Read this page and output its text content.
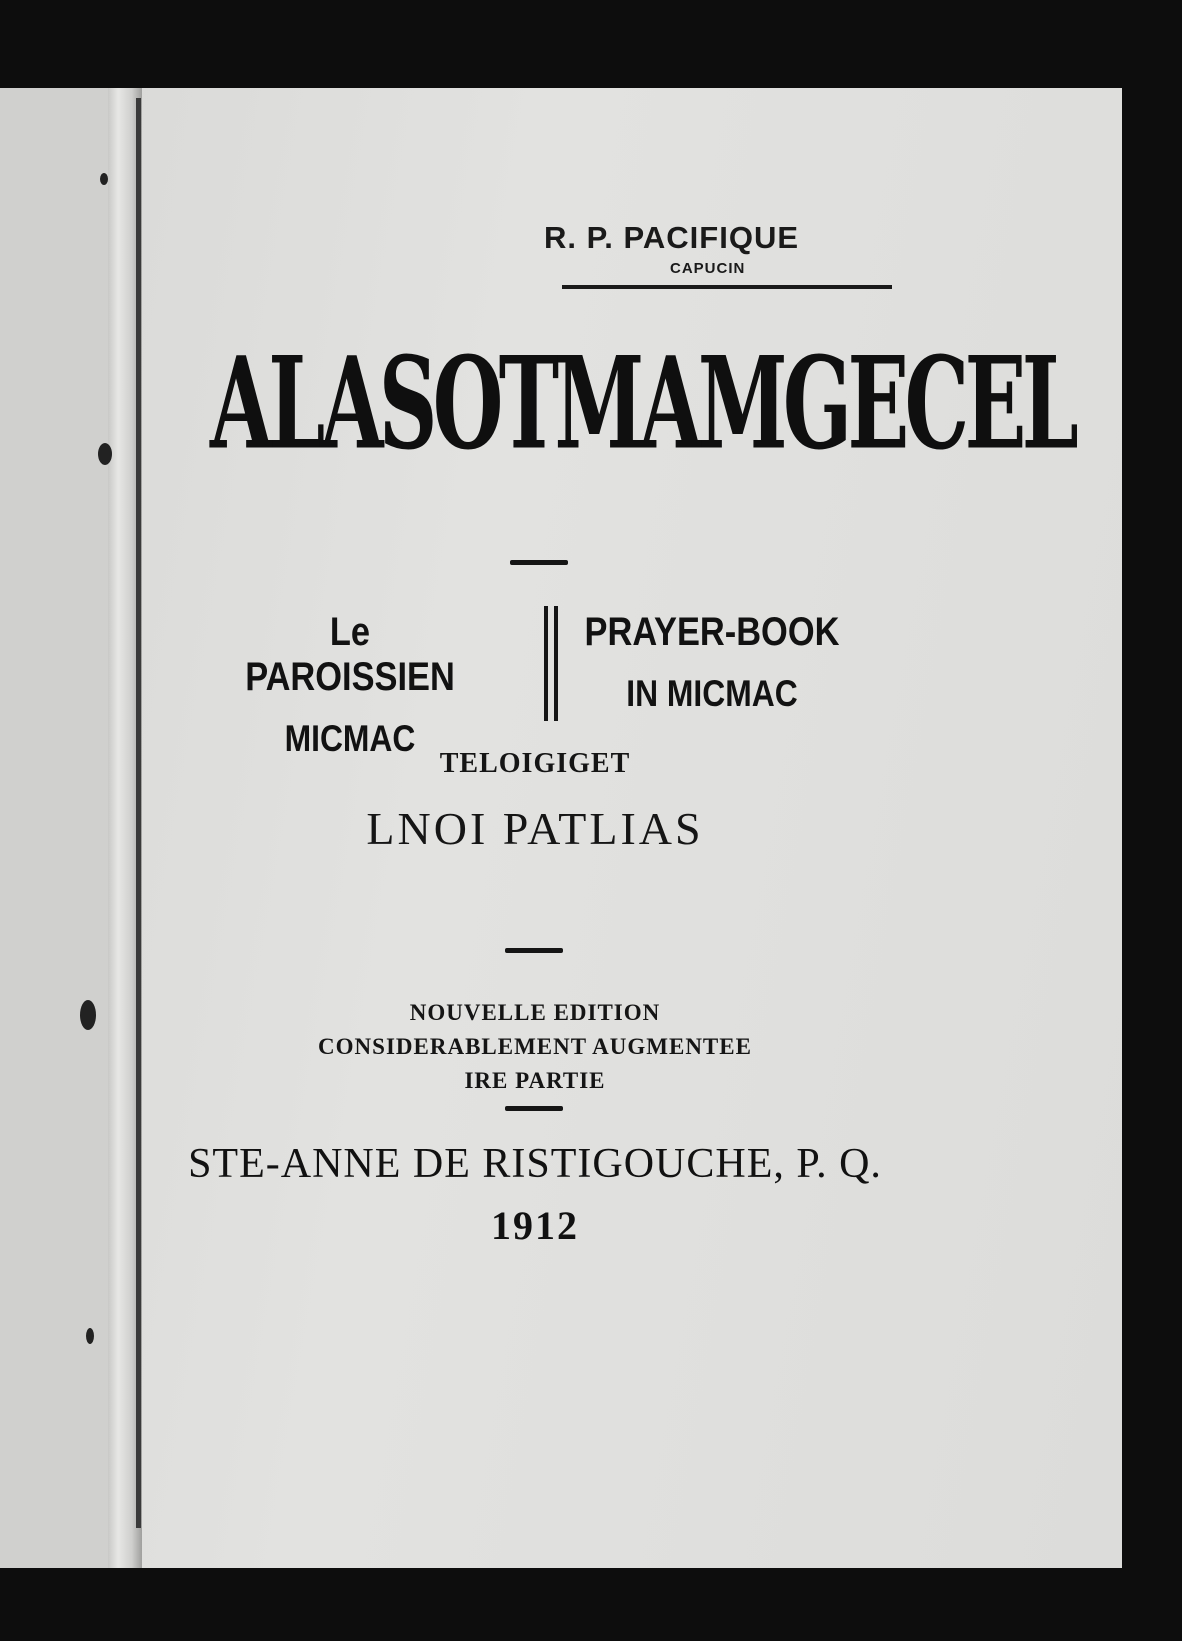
R. P. PACIFIQUE
CAPUCIN
ALASOTMAMGECEL
Le PAROISSIEN
MICMAC
PRAYER-BOOK
IN MICMAC
TELOIGIGET
LNOI PATLIAS
NOUVELLE EDITION
CONSIDERABLEMENT AUGMENTEE
IRE PARTIE
STE-ANNE DE RISTIGOUCHE, P. Q.
1912
